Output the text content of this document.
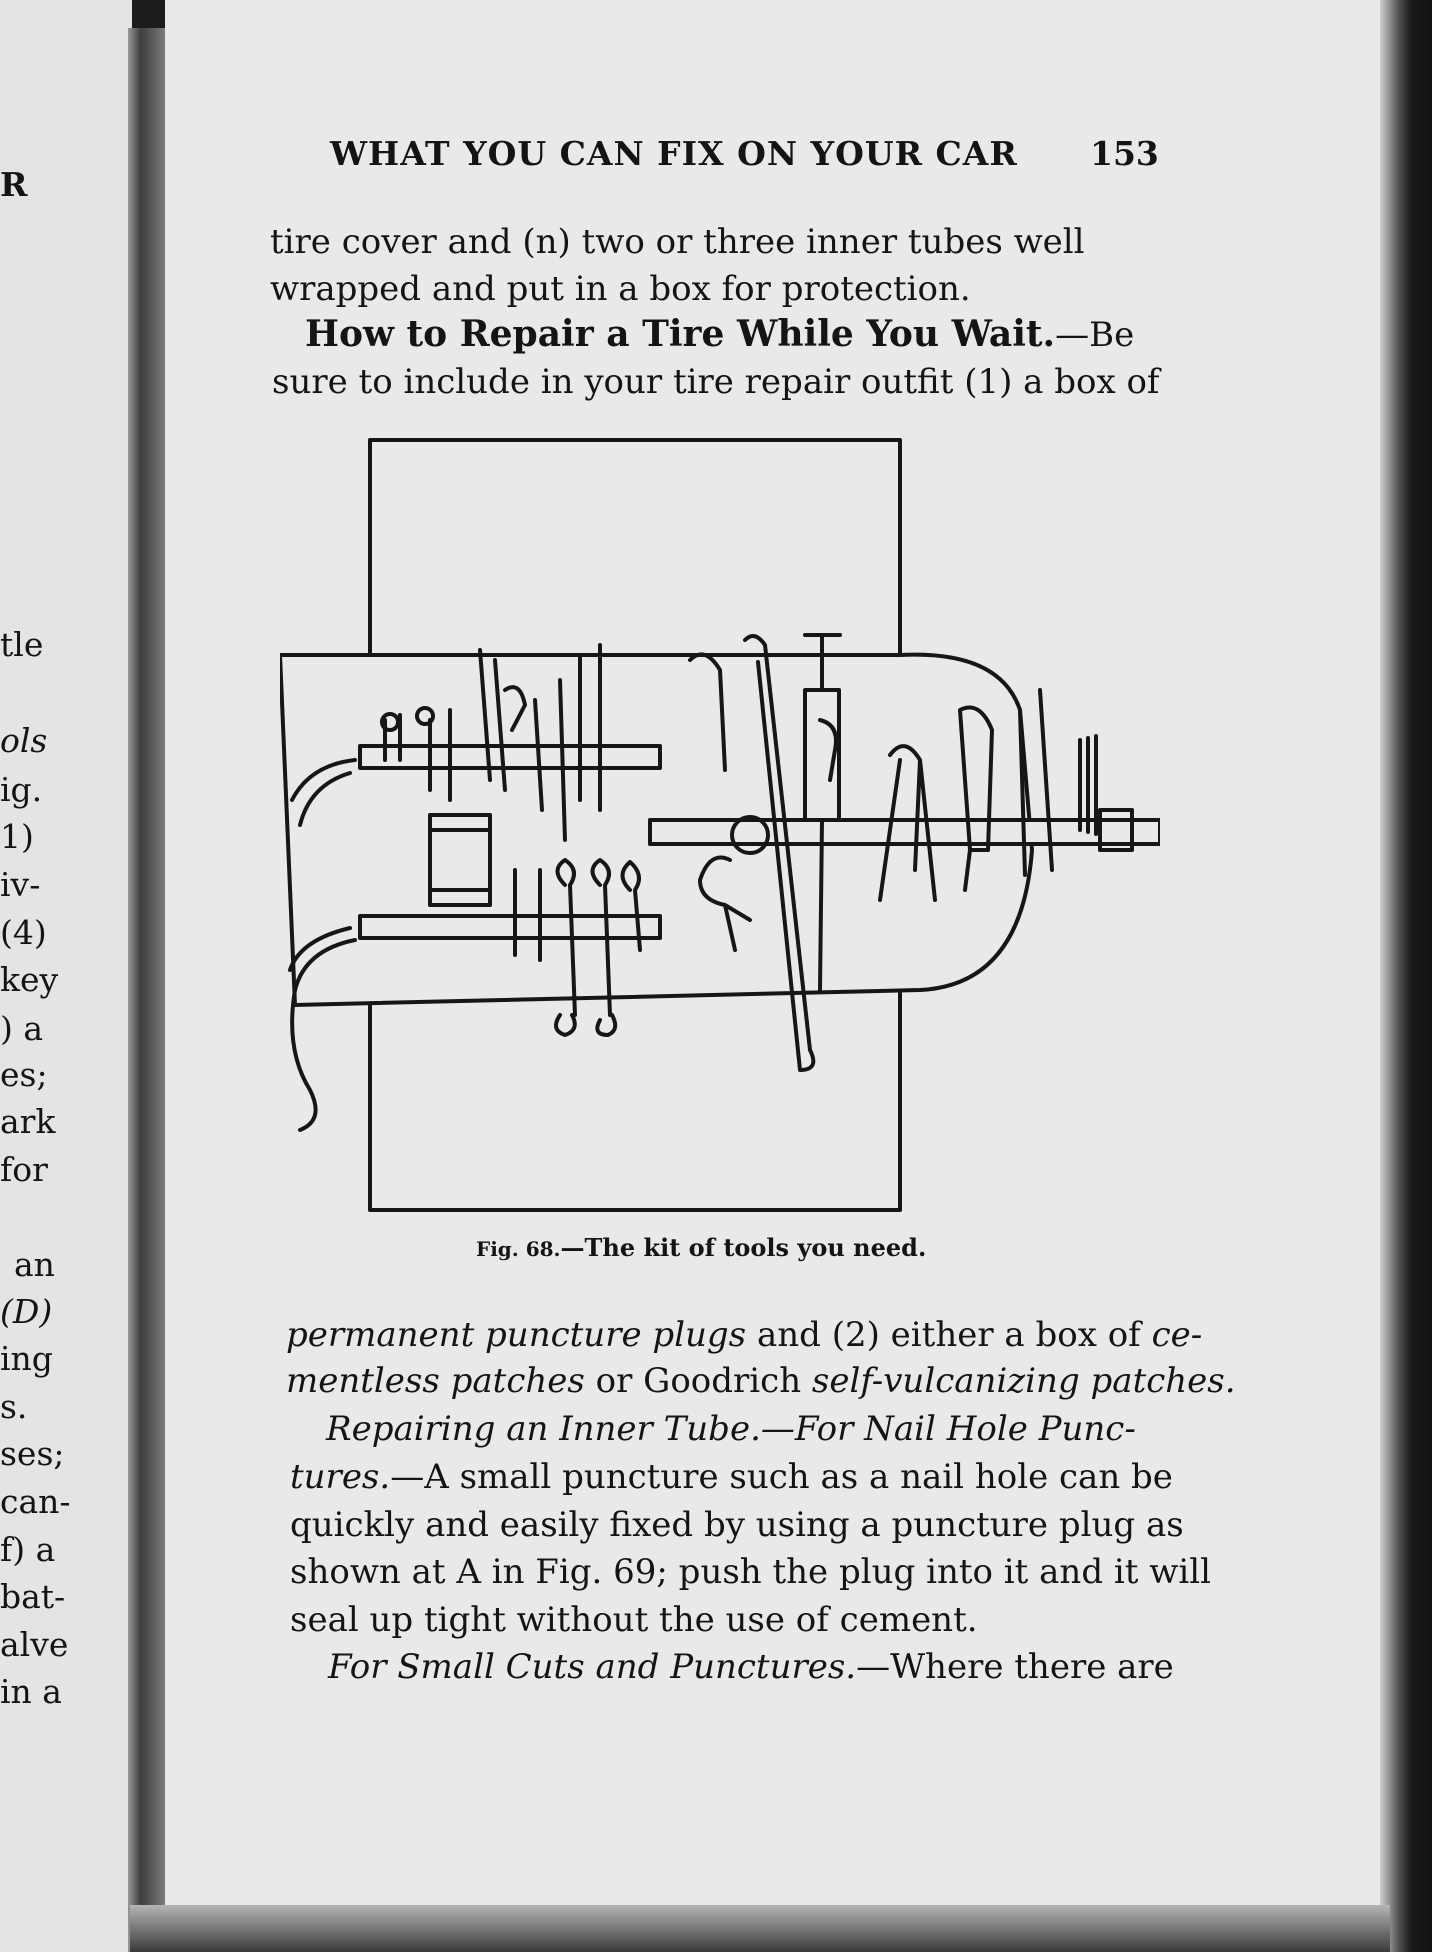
R
tle
ols
ig.
1)
iv-
(4)
key
) a
es;
ark
for
an
(D)
ing
s.
ses;
can-
f) a
bat-
alve
in a
WHAT YOU CAN FIX ON YOUR CAR 153
tire cover and (n) two or three inner tubes well
wrapped and put in a box for protection.
How to Repair a Tire While You Wait.—Be
sure to include in your tire repair outfit (1) a box of
Fig. 68.—The kit of tools you need.
permanent puncture plugs and (2) either a box of ce-
mentless patches or Goodrich self-vulcanizing patches.
Repairing an Inner Tube.—For Nail Hole Punc-
tures.—A small puncture such as a nail hole can be
quickly and easily fixed by using a puncture plug as
shown at A in Fig. 69; push the plug into it and it will
seal up tight without the use of cement.
For Small Cuts and Punctures.—Where there are
